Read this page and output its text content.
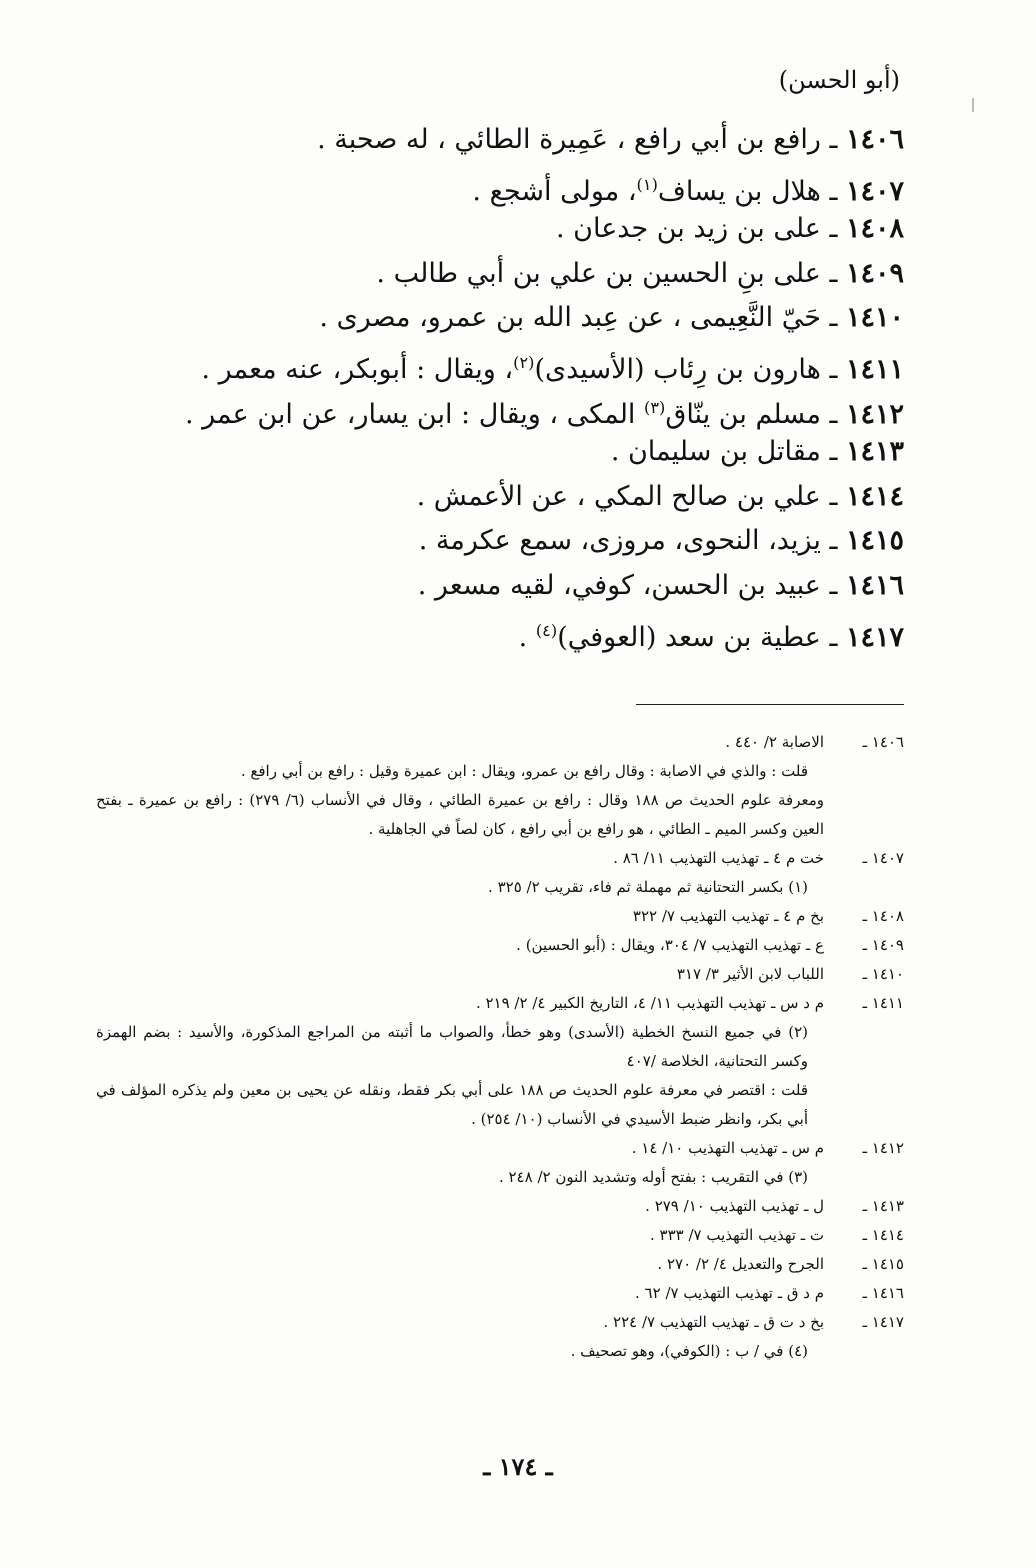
(أبو الحسن)
١٤٠٦ ـ رافع بن أبي رافع ، عَمِيرة الطائي ، له صحبة .
١٤٠٧ ـ هلال بن يساف$^{(١)}$، مولى أشجع .
١٤٠٨ ـ على بن زيد بن جدعان .
١٤٠٩ ـ على بنِ الحسين بن علي بن أبي طالب .
١٤١٠ ـ حَيّ النَّعِيمى ، عن عِبد الله بن عمرو، مصرى .
١٤١١ ـ هارون بن رِئاب (الأسيدى)$^{(٢)}$، ويقال : أبوبكر، عنه معمر .
١٤١٢ ـ مسلم بن ينّاق$^{(٣)}$ المكى ، ويقال : ابن يسار، عن ابن عمر .
١٤١٣ ـ مقاتل بن سليمان .
١٤١٤ ـ علي بن صالح المكي ، عن الأعمش .
١٤١٥ ـ يزيد، النحوى، مروزى، سمع عكرمة .
١٤١٦ ـ عبيد بن الحسن، كوفي، لقيه مسعر .
١٤١٧ ـ عطية بن سعد (العوفي)$^{(٤)}$ .
١٤٠٦ ـ
الاصابة ٢/ ٤٤٠ .
قلت : والذي في الاصابة : وقال رافع بن عمرو، ويقال : ابن عميرة وقيل : رافع بن أبي رافع .
ومعرفة علوم الحديث ص ١٨٨ وقال : رافع بن عميرة الطائي ، وقال في الأنساب (٦/ ٢٧٩) : رافع بن عميرة ـ بفتح العين وكسر الميم ـ الطائي ، هو رافع بن أبي رافع ، كان لصاً في الجاهلية .
١٤٠٧ ـ
خت م ٤ ـ تهذيب التهذيب ١١/ ٨٦ .
(١) بكسر التحتانية ثم مهملة ثم فاء، تقريب ٢/ ٣٢٥ .
١٤٠٨ ـ
بخ م ٤ ـ تهذيب التهذيب ٧/ ٣٢٢
١٤٠٩ ـ
ع ـ تهذيب التهذيب ٧/ ٣٠٤، ويقال : (أبو الحسين) .
١٤١٠ ـ
اللباب لابن الأثير ٣/ ٣١٧
١٤١١ ـ
م د س ـ تهذيب التهذيب ١١/ ٤، التاريخ الكبير ٤/ ٢/ ٢١٩ .
(٢) في جميع النسخ الخطية (الأسدى) وهو خطأ، والصواب ما أثبته من المراجع المذكورة، والأسيد : بضم الهمزة وكسر التحتانية، الخلاصة /٤٠٧
قلت : اقتصر في معرفة علوم الحديث ص ١٨٨ على أبي بكر فقط، ونقله عن يحيى بن معين ولم يذكره المؤلف في أبي بكر، وانظر ضبط الأسيدي في الأنساب (١٠/ ٢٥٤) .
١٤١٢ ـ
م س ـ تهذيب التهذيب ١٠/ ١٤ .
(٣) في التقريب : بفتح أوله وتشديد النون ٢/ ٢٤٨ .
١٤١٣ ـ
ل ـ تهذيب التهذيب ١٠/ ٢٧٩ .
١٤١٤ ـ
ت ـ تهذيب التهذيب ٧/ ٣٣٣ .
١٤١٥ ـ
الجرح والتعديل ٤/ ٢/ ٢٧٠ .
١٤١٦ ـ
م د ق ـ تهذيب التهذيب ٧/ ٦٢ .
١٤١٧ ـ
بخ د ت ق ـ تهذيب التهذيب ٧/ ٢٢٤ .
(٤) في / ب : (الكوفي)، وهو تصحيف .
ـ ١٧٤ ـ
